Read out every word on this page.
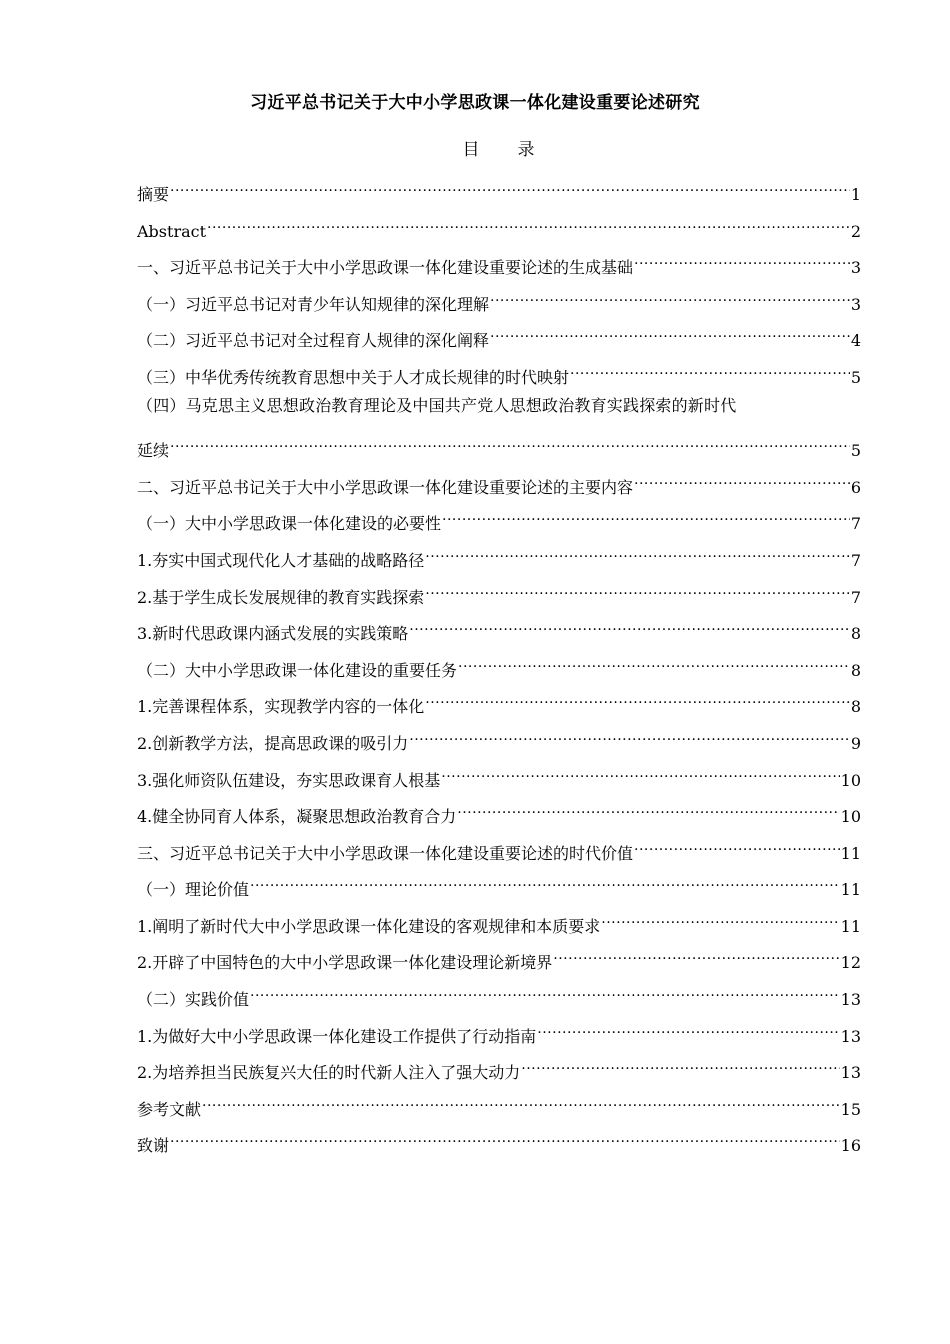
习近平总书记关于大中小学思政课一体化建设重要论述研究
目 录
摘要 .....	1
Abstract .....	2
一、习近平总书记关于大中小学思政课一体化建设重要论述的生成基础 .....	3
（一）习近平总书记对青少年认知规律的深化理解 .....	3
（二）习近平总书记对全过程育人规律的深化阐释 .....	4
（三）中华优秀传统教育思想中关于人才成长规律的时代映射 .....	5
（四）马克思主义思想政治教育理论及中国共产党人思想政治教育实践探索的新时代
延续 .....	5
二、习近平总书记关于大中小学思政课一体化建设重要论述的主要内容 .....	6
（一）大中小学思政课一体化建设的必要性 .....	7
1.夯实中国式现代化人才基础的战略路径 .....	7
2.基于学生成长发展规律的教育实践探索 .....	7
3.新时代思政课内涵式发展的实践策略 .....	8
（二）大中小学思政课一体化建设的重要任务 .....	8
1.完善课程体系，实现教学内容的一体化 .....	8
2.创新教学方法，提高思政课的吸引力 .....	9
3.强化师资队伍建设，夯实思政课育人根基 .....	10
4.健全协同育人体系，凝聚思想政治教育合力 .....	10
三、习近平总书记关于大中小学思政课一体化建设重要论述的时代价值 .....	11
（一）理论价值 .....	11
1.阐明了新时代大中小学思政课一体化建设的客观规律和本质要求 .....	11
2.开辟了中国特色的大中小学思政课一体化建设理论新境界 .....	12
（二）实践价值 .....	13
1.为做好大中小学思政课一体化建设工作提供了行动指南 .....	13
2.为培养担当民族复兴大任的时代新人注入了强大动力 .....	13
参考文献 .....	15
致谢 .....	16
